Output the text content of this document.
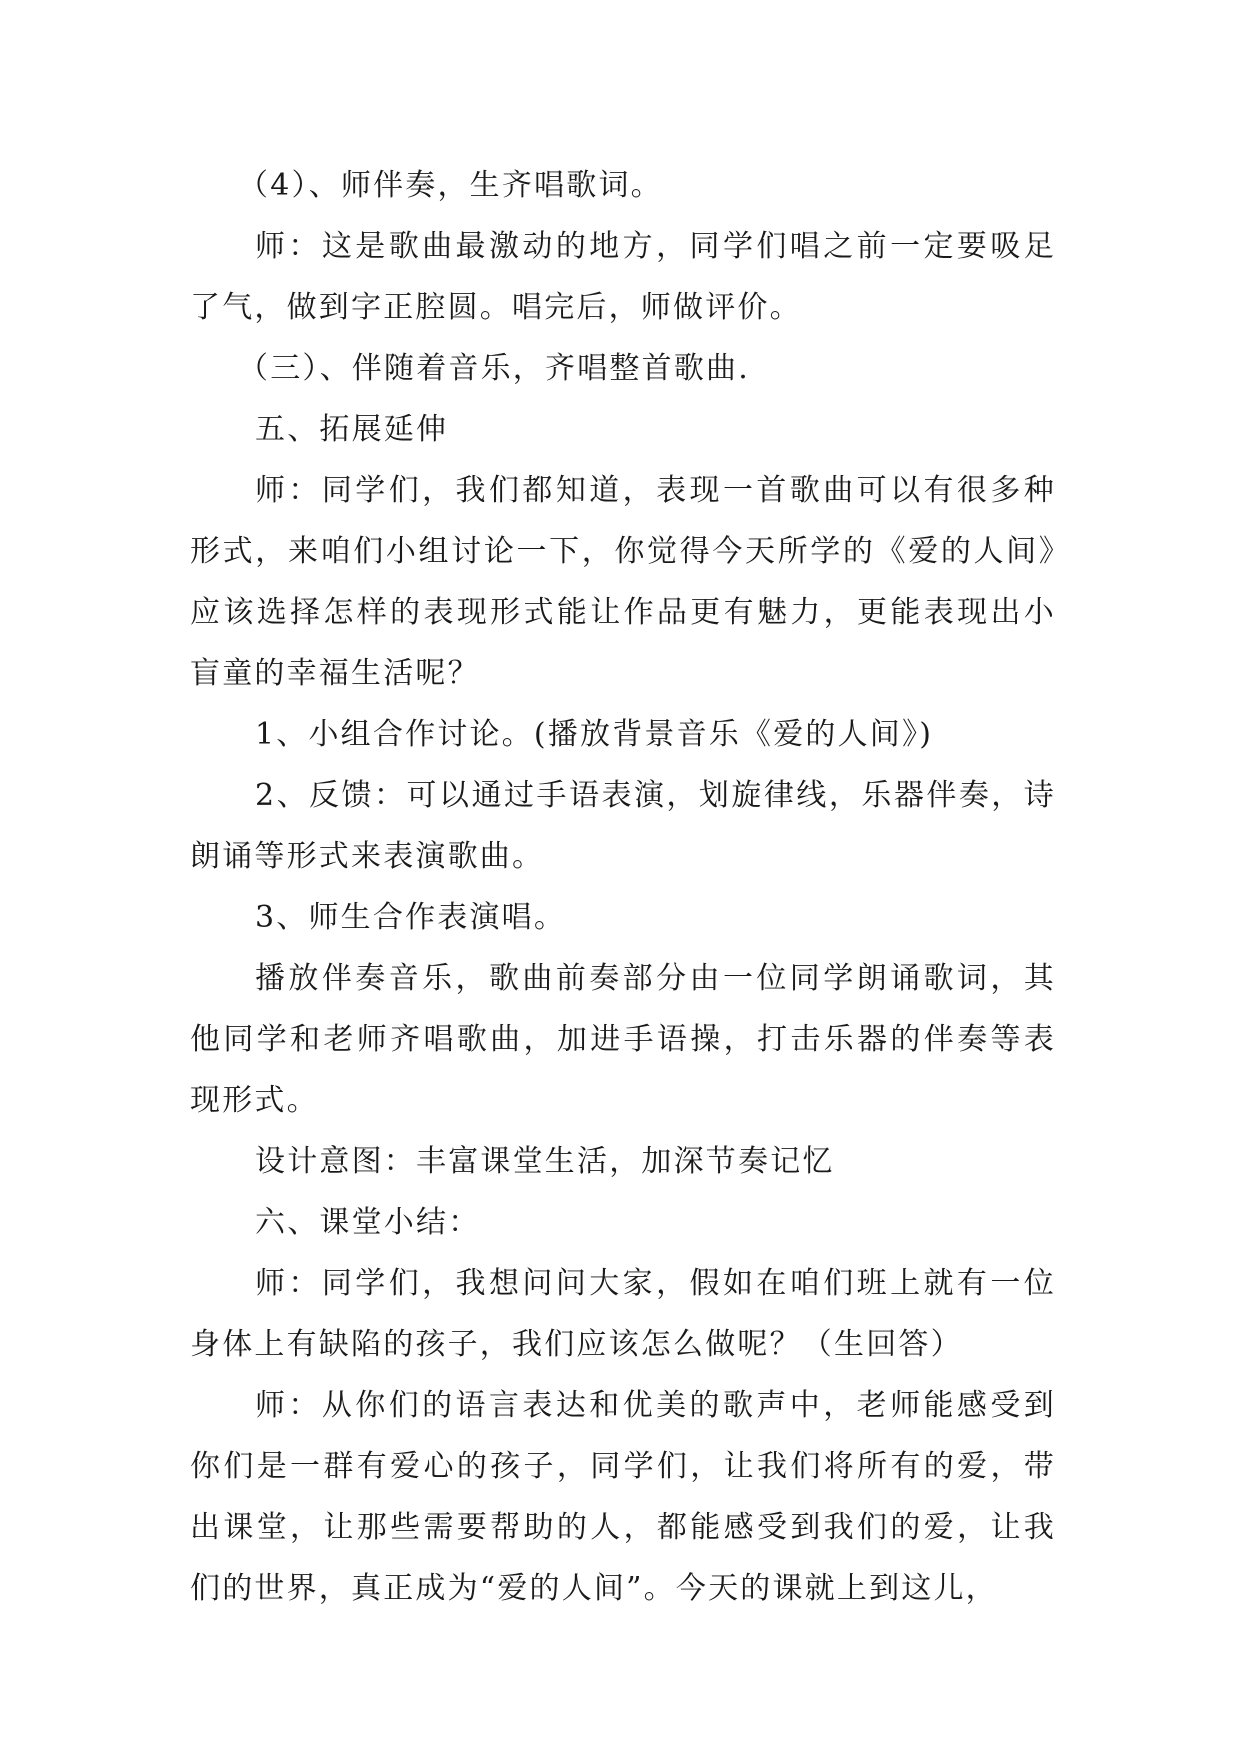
（4）、师伴奏，生齐唱歌词。

师：这是歌曲最激动的地方，同学们唱之前一定要吸足了气，做到字正腔圆。唱完后，师做评价。

（三）、伴随着音乐，齐唱整首歌曲.

五、拓展延伸

师：同学们，我们都知道，表现一首歌曲可以有很多种形式，来咱们小组讨论一下，你觉得今天所学的《爱的人间》应该选择怎样的表现形式能让作品更有魅力，更能表现出小盲童的幸福生活呢？

1、小组合作讨论。(播放背景音乐《爱的人间》)

2、反馈：可以通过手语表演，划旋律线，乐器伴奏，诗朗诵等形式来表演歌曲。

3、师生合作表演唱。

播放伴奏音乐，歌曲前奏部分由一位同学朗诵歌词，其他同学和老师齐唱歌曲，加进手语操，打击乐器的伴奏等表现形式。

设计意图：丰富课堂生活，加深节奏记忆

六、课堂小结：

师：同学们，我想问问大家，假如在咱们班上就有一位身体上有缺陷的孩子，我们应该怎么做呢？（生回答）

师：从你们的语言表达和优美的歌声中，老师能感受到你们是一群有爱心的孩子，同学们，让我们将所有的爱，带出课堂，让那些需要帮助的人，都能感受到我们的爱，让我们的世界，真正成为“爱的人间”。今天的课就上到这儿，
